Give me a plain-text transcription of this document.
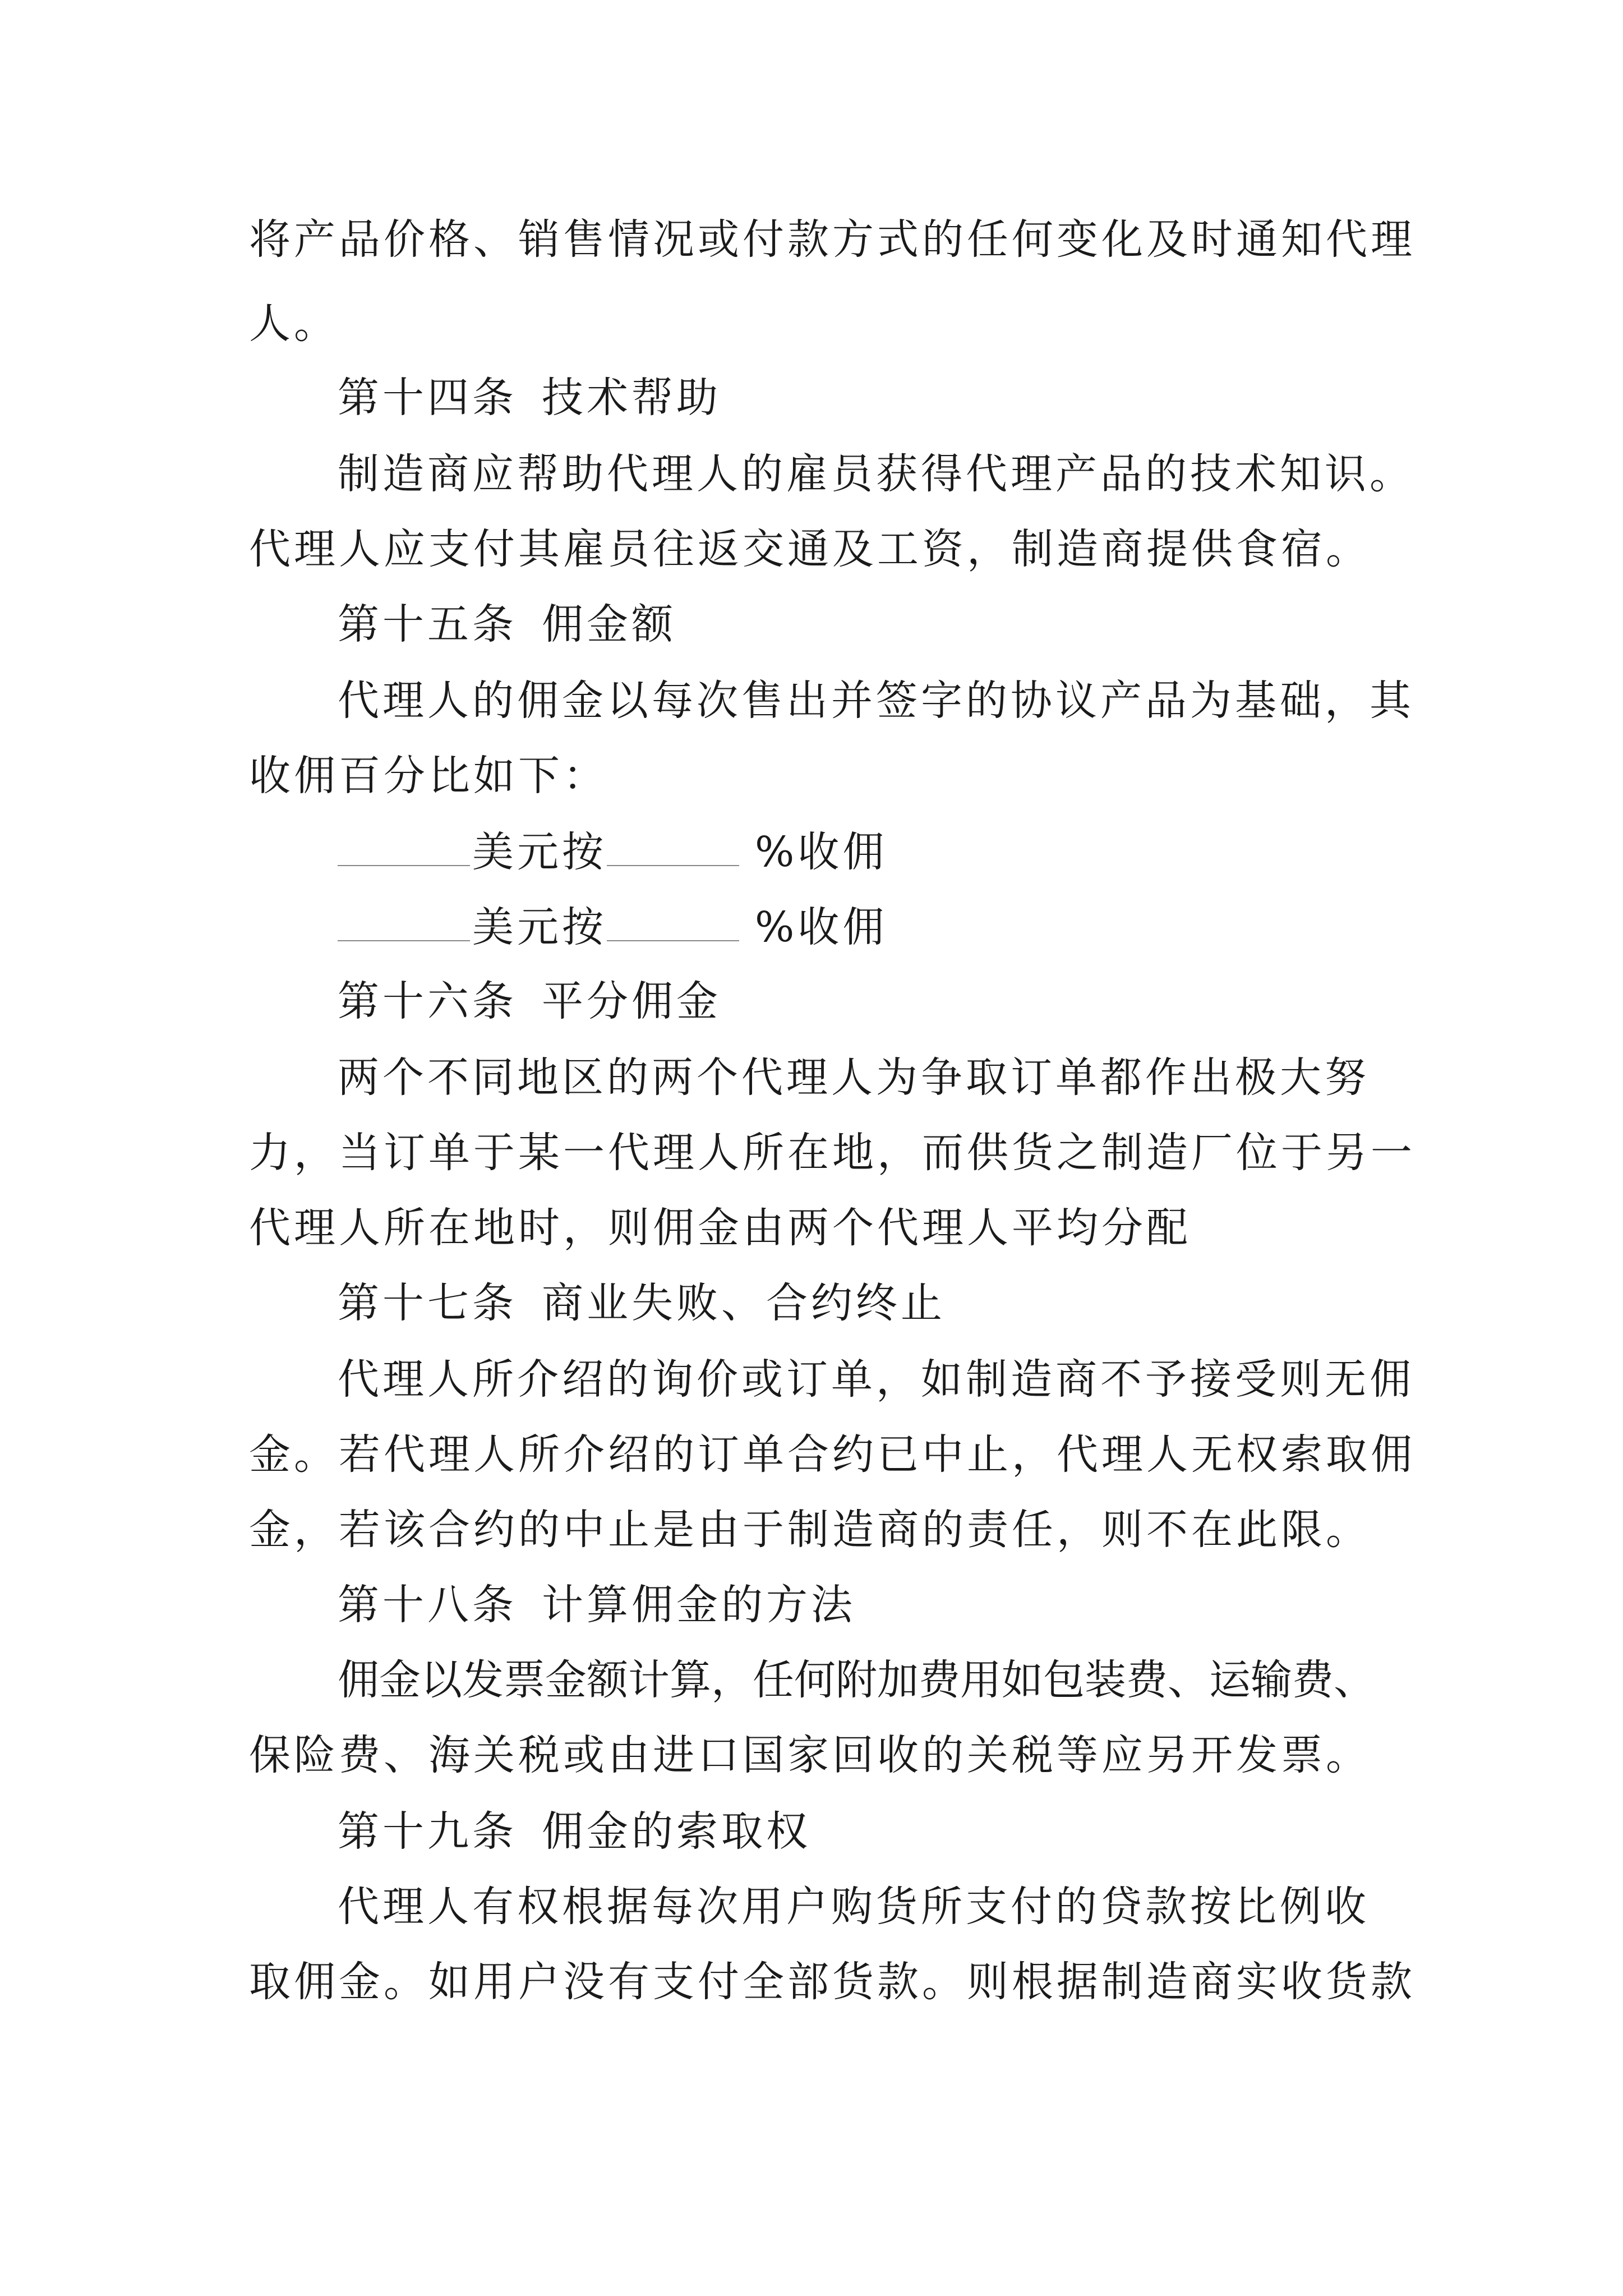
将产品价格、销售情况或付款方式的任何变化及时通知代理
人。
第十四条 技术帮助
制造商应帮助代理人的雇员获得代理产品的技术知识。
代理人应支付其雇员往返交通及工资，制造商提供食宿。
第十五条 佣金额
代理人的佣金以每次售出并签字的协议产品为基础，其
收佣百分比如下：
美元按	%收佣
美元按	%收佣
第十六条 平分佣金
两个不同地区的两个代理人为争取订单都作出极大努
力，当订单于某一代理人所在地，而供货之制造厂位于另一
代理人所在地时，则佣金由两个代理人平均分配
第十七条 商业失败、合约终止
代理人所介绍的询价或订单，如制造商不予接受则无佣
金。若代理人所介绍的订单合约已中止，代理人无权索取佣
金，若该合约的中止是由于制造商的责任，则不在此限。
第十八条 计算佣金的方法
佣金以发票金额计算，任何附加费用如包装费、运输费、
保险费、海关税或由进口国家回收的关税等应另开发票。
第十九条 佣金的索取权
代理人有权根据每次用户购货所支付的贷款按比例收
取佣金。如用户没有支付全部货款。则根据制造商实收货款
